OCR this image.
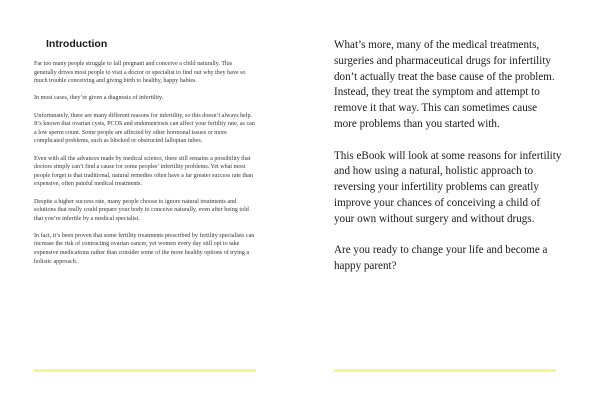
Introduction

Far too many people struggle to fall pregnant and conceive a child naturally. This generally drives most people to visit a doctor or specialist to find out why they have so much trouble conceiving and giving birth to healthy, happy babies.

In most cases, they’re given a diagnosis of infertility.

Unfortunately, there are many different reasons for infertility, so this doesn’t always help. It’s known that ovarian cysts, PCOS and endometriosis can affect your fertility rate, as can a low sperm count. Some people are affected by other hormonal issues or more complicated problems, such as blocked or obstructed fallopian tubes.

Even with all the advances made by medical science, there still remains a possibility that doctors simply can’t find a cause for some peoples’ infertility problems. Yet what most people forget is that traditional, natural remedies often have a far greater success rate than expensive, often painful medical treatments.

Despite a higher success rate, many people choose to ignore natural treatments and solutions that really could prepare your body to conceive naturally, even after being told that you’re infertile by a medical specialist.

In fact, it’s been proven that some fertility treatments prescribed by fertility specialists can increase the risk of contracting ovarian cancer, yet women every day still opt to take expensive medications rather than consider some of the more healthy options of trying a holistic approach.

What’s more, many of the medical treatments, surgeries and pharmaceutical drugs for infertility don’t actually treat the base cause of the problem. Instead, they treat the symptom and attempt to remove it that way. This can sometimes cause more problems than you started with.

This eBook will look at some reasons for infertility and how using a natural, holistic approach to reversing your infertility problems can greatly improve your chances of conceiving a child of your own without surgery and without drugs.

Are you ready to change your life and become a happy parent?
